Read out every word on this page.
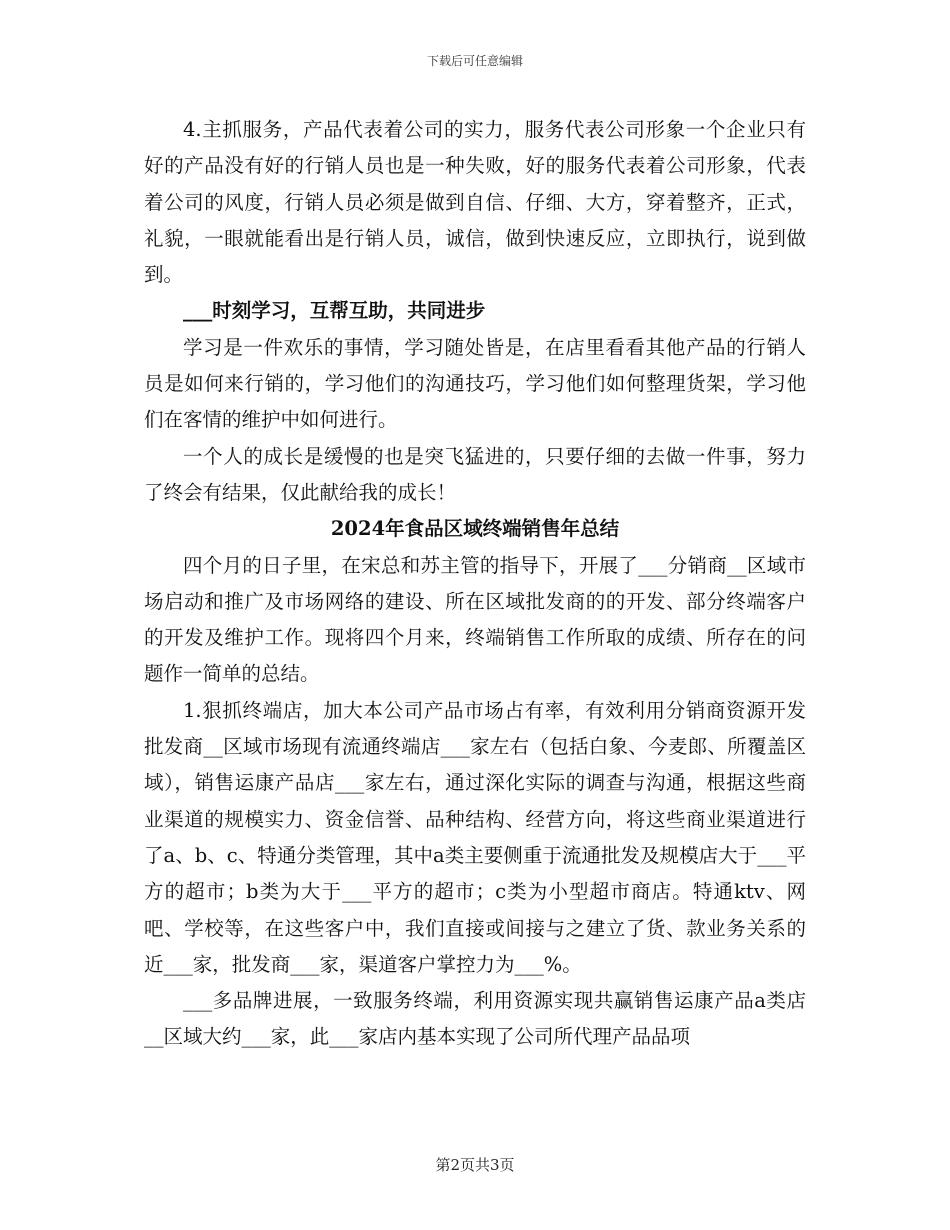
下载后可任意编辑

4.主抓服务，产品代表着公司的实力，服务代表公司形象一个企业只有好的产品没有好的行销人员也是一种失败，好的服务代表着公司形象，代表着公司的风度，行销人员必须是做到自信、仔细、大方，穿着整齐，正式，礼貌，一眼就能看出是行销人员，诚信，做到快速反应，立即执行，说到做到。

___时刻学习，互帮互助，共同进步

学习是一件欢乐的事情，学习随处皆是，在店里看看其他产品的行销人员是如何来行销的，学习他们的沟通技巧，学习他们如何整理货架，学习他们在客情的维护中如何进行。

一个人的成长是缓慢的也是突飞猛进的，只要仔细的去做一件事，努力了终会有结果，仅此献给我的成长！

2024年食品区域终端销售年总结

四个月的日子里，在宋总和苏主管的指导下，开展了___分销商__区域市场启动和推广及市场网络的建设、所在区域批发商的的开发、部分终端客户的开发及维护工作。现将四个月来，终端销售工作所取的成绩、所存在的问题作一简单的总结。

1.狠抓终端店，加大本公司产品市场占有率，有效利用分销商资源开发批发商__区域市场现有流通终端店___家左右（包括白象、今麦郎、所覆盖区域），销售运康产品店___家左右，通过深化实际的调查与沟通，根据这些商业渠道的规模实力、资金信誉、品种结构、经营方向，将这些商业渠道进行了a、b、c、特通分类管理，其中a类主要侧重于流通批发及规模店大于___平方的超市；b类为大于___平方的超市；c类为小型超市商店。特通ktv、网吧、学校等，在这些客户中，我们直接或间接与之建立了货、款业务关系的近___家，批发商___家，渠道客户掌控力为___%。

___多品牌进展，一致服务终端，利用资源实现共赢销售运康产品a类店__区域大约___家，此___家店内基本实现了公司所代理产品品项

第2页共3页
